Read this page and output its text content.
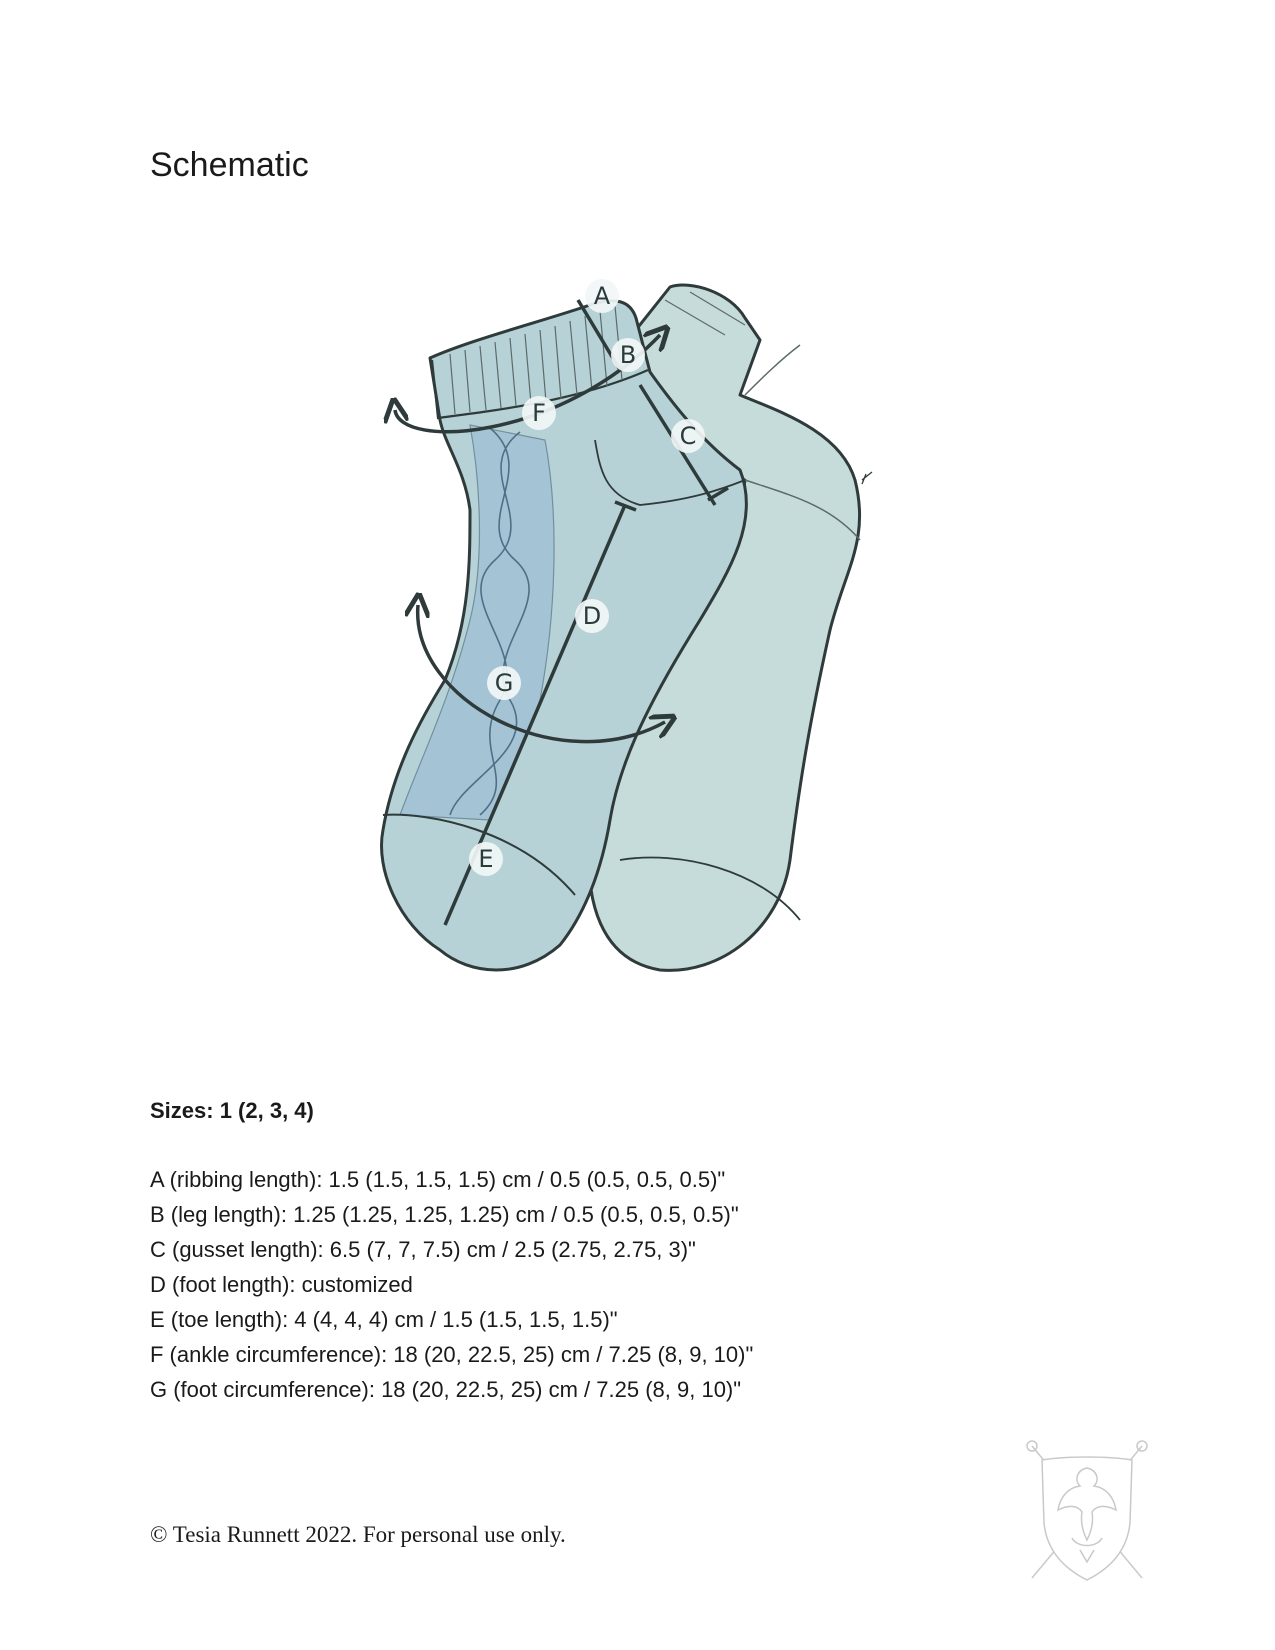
Schematic
A
B
C
D
E
F
G
Sizes: 1 (2, 3, 4)
A (ribbing length): 1.5 (1.5, 1.5, 1.5) cm / 0.5 (0.5, 0.5, 0.5)"
B (leg length): 1.25 (1.25, 1.25, 1.25) cm / 0.5 (0.5, 0.5, 0.5)"
C (gusset length): 6.5 (7, 7, 7.5) cm / 2.5 (2.75, 2.75, 3)"
D (foot length): customized
E (toe length): 4 (4, 4, 4) cm / 1.5 (1.5, 1.5, 1.5)"
F (ankle circumference): 18 (20, 22.5, 25) cm / 7.25 (8, 9, 10)"
G (foot circumference): 18 (20, 22.5, 25) cm / 7.25 (8, 9, 10)"

© Tesia Runnett 2022. For personal use only.
